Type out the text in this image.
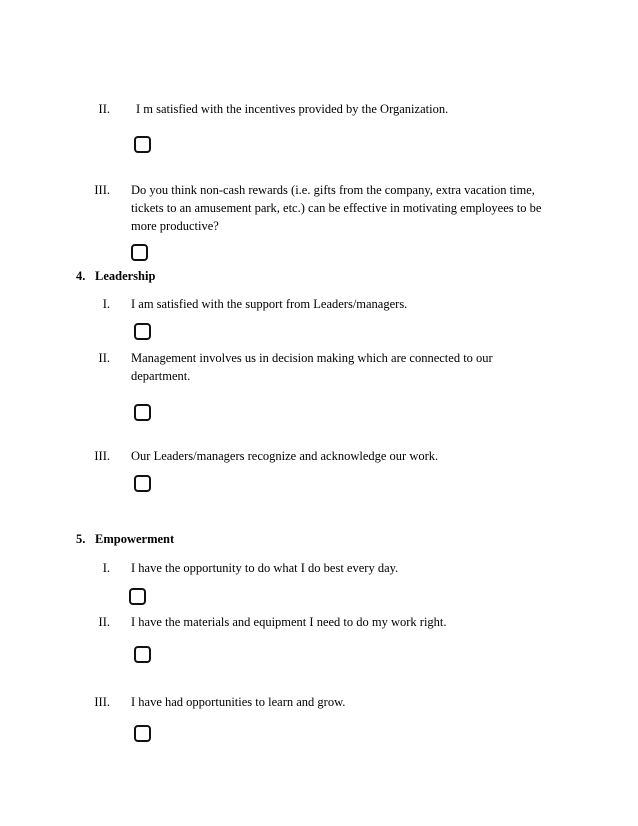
II. I m satisfied with the incentives provided by the Organization.
III. Do you think non-cash rewards (i.e. gifts from the company, extra vacation time,
tickets to an amusement park, etc.) can be effective in motivating employees to be
more productive?
4. Leadership
I. I am satisfied with the support from Leaders/managers.
II. Management involves us in decision making which are connected to our
department.
III. Our Leaders/managers recognize and acknowledge our work.
5. Empowerment
I. I have the opportunity to do what I do best every day.
II. I have the materials and equipment I need to do my work right.
III. I have had opportunities to learn and grow.
